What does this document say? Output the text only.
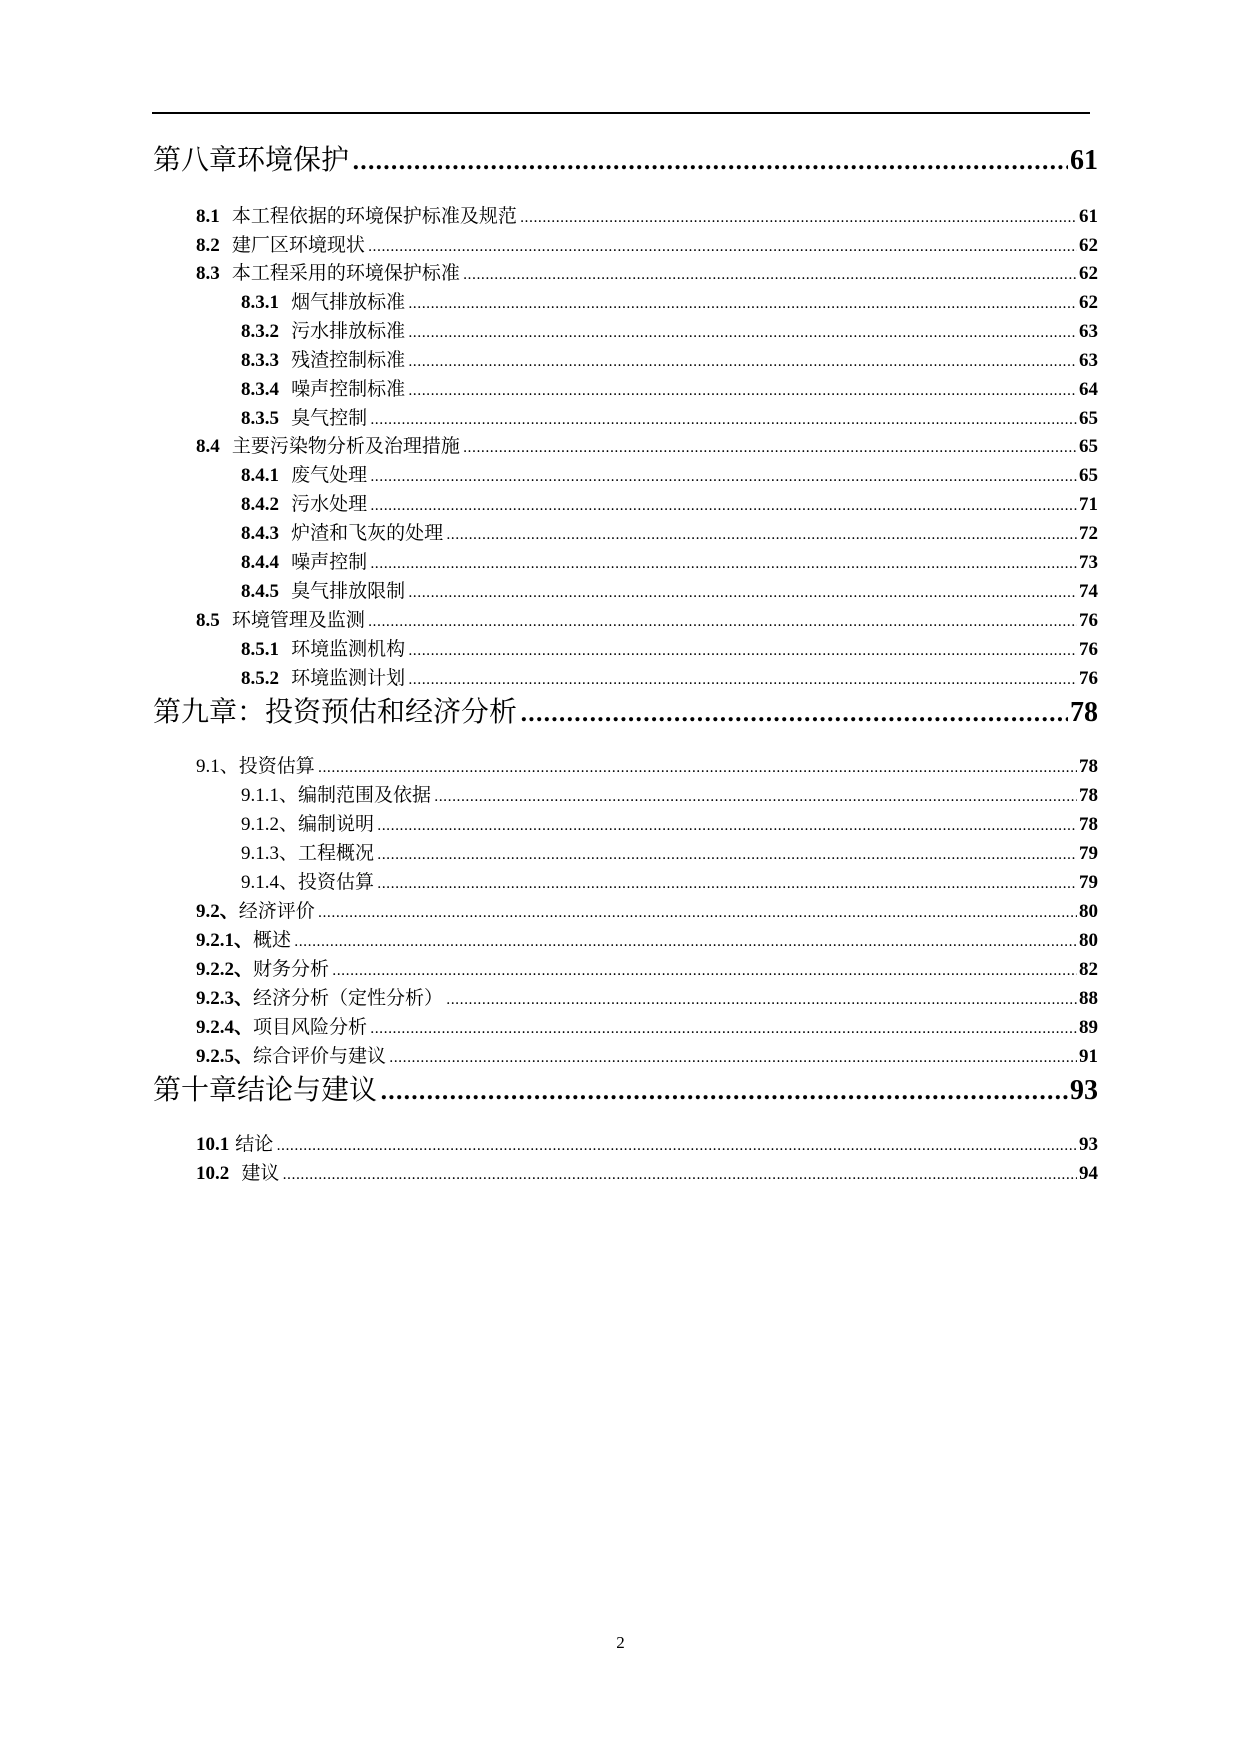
第八章环境保护 .....	61
8.1 本工程依据的环境保护标准及规范 .....	61
8.2 建厂区环境现状 .....	62
8.3 本工程采用的环境保护标准 .....	62
8.3.1 烟气排放标准 .....	62
8.3.2 污水排放标准 .....	63
8.3.3 残渣控制标准 .....	63
8.3.4 噪声控制标准 .....	64
8.3.5 臭气控制 .....	65
8.4 主要污染物分析及治理措施 .....	65
8.4.1 废气处理 .....	65
8.4.2 污水处理 .....	71
8.4.3 炉渣和飞灰的处理 .....	72
8.4.4 噪声控制 .....	73
8.4.5 臭气排放限制 .....	74
8.5 环境管理及监测 .....	76
8.5.1 环境监测机构 .....	76
8.5.2 环境监测计划 .....	76
第九章：投资预估和经济分析 .....	78
9.1、投资估算 .....	78
9.1.1、编制范围及依据 .....	78
9.1.2、编制说明 .....	78
9.1.3、工程概况 .....	79
9.1.4、投资估算 .....	79
9.2、经济评价 .....	80
9.2.1、概述 .....	80
9.2.2、财务分析 .....	82
9.2.3、经济分析（定性分析） .....	88
9.2.4、项目风险分析 .....	89
9.2.5、综合评价与建议 .....	91
第十章结论与建议 .....	93
10.1 结论 .....	93
10.2 建议 .....	94
2
